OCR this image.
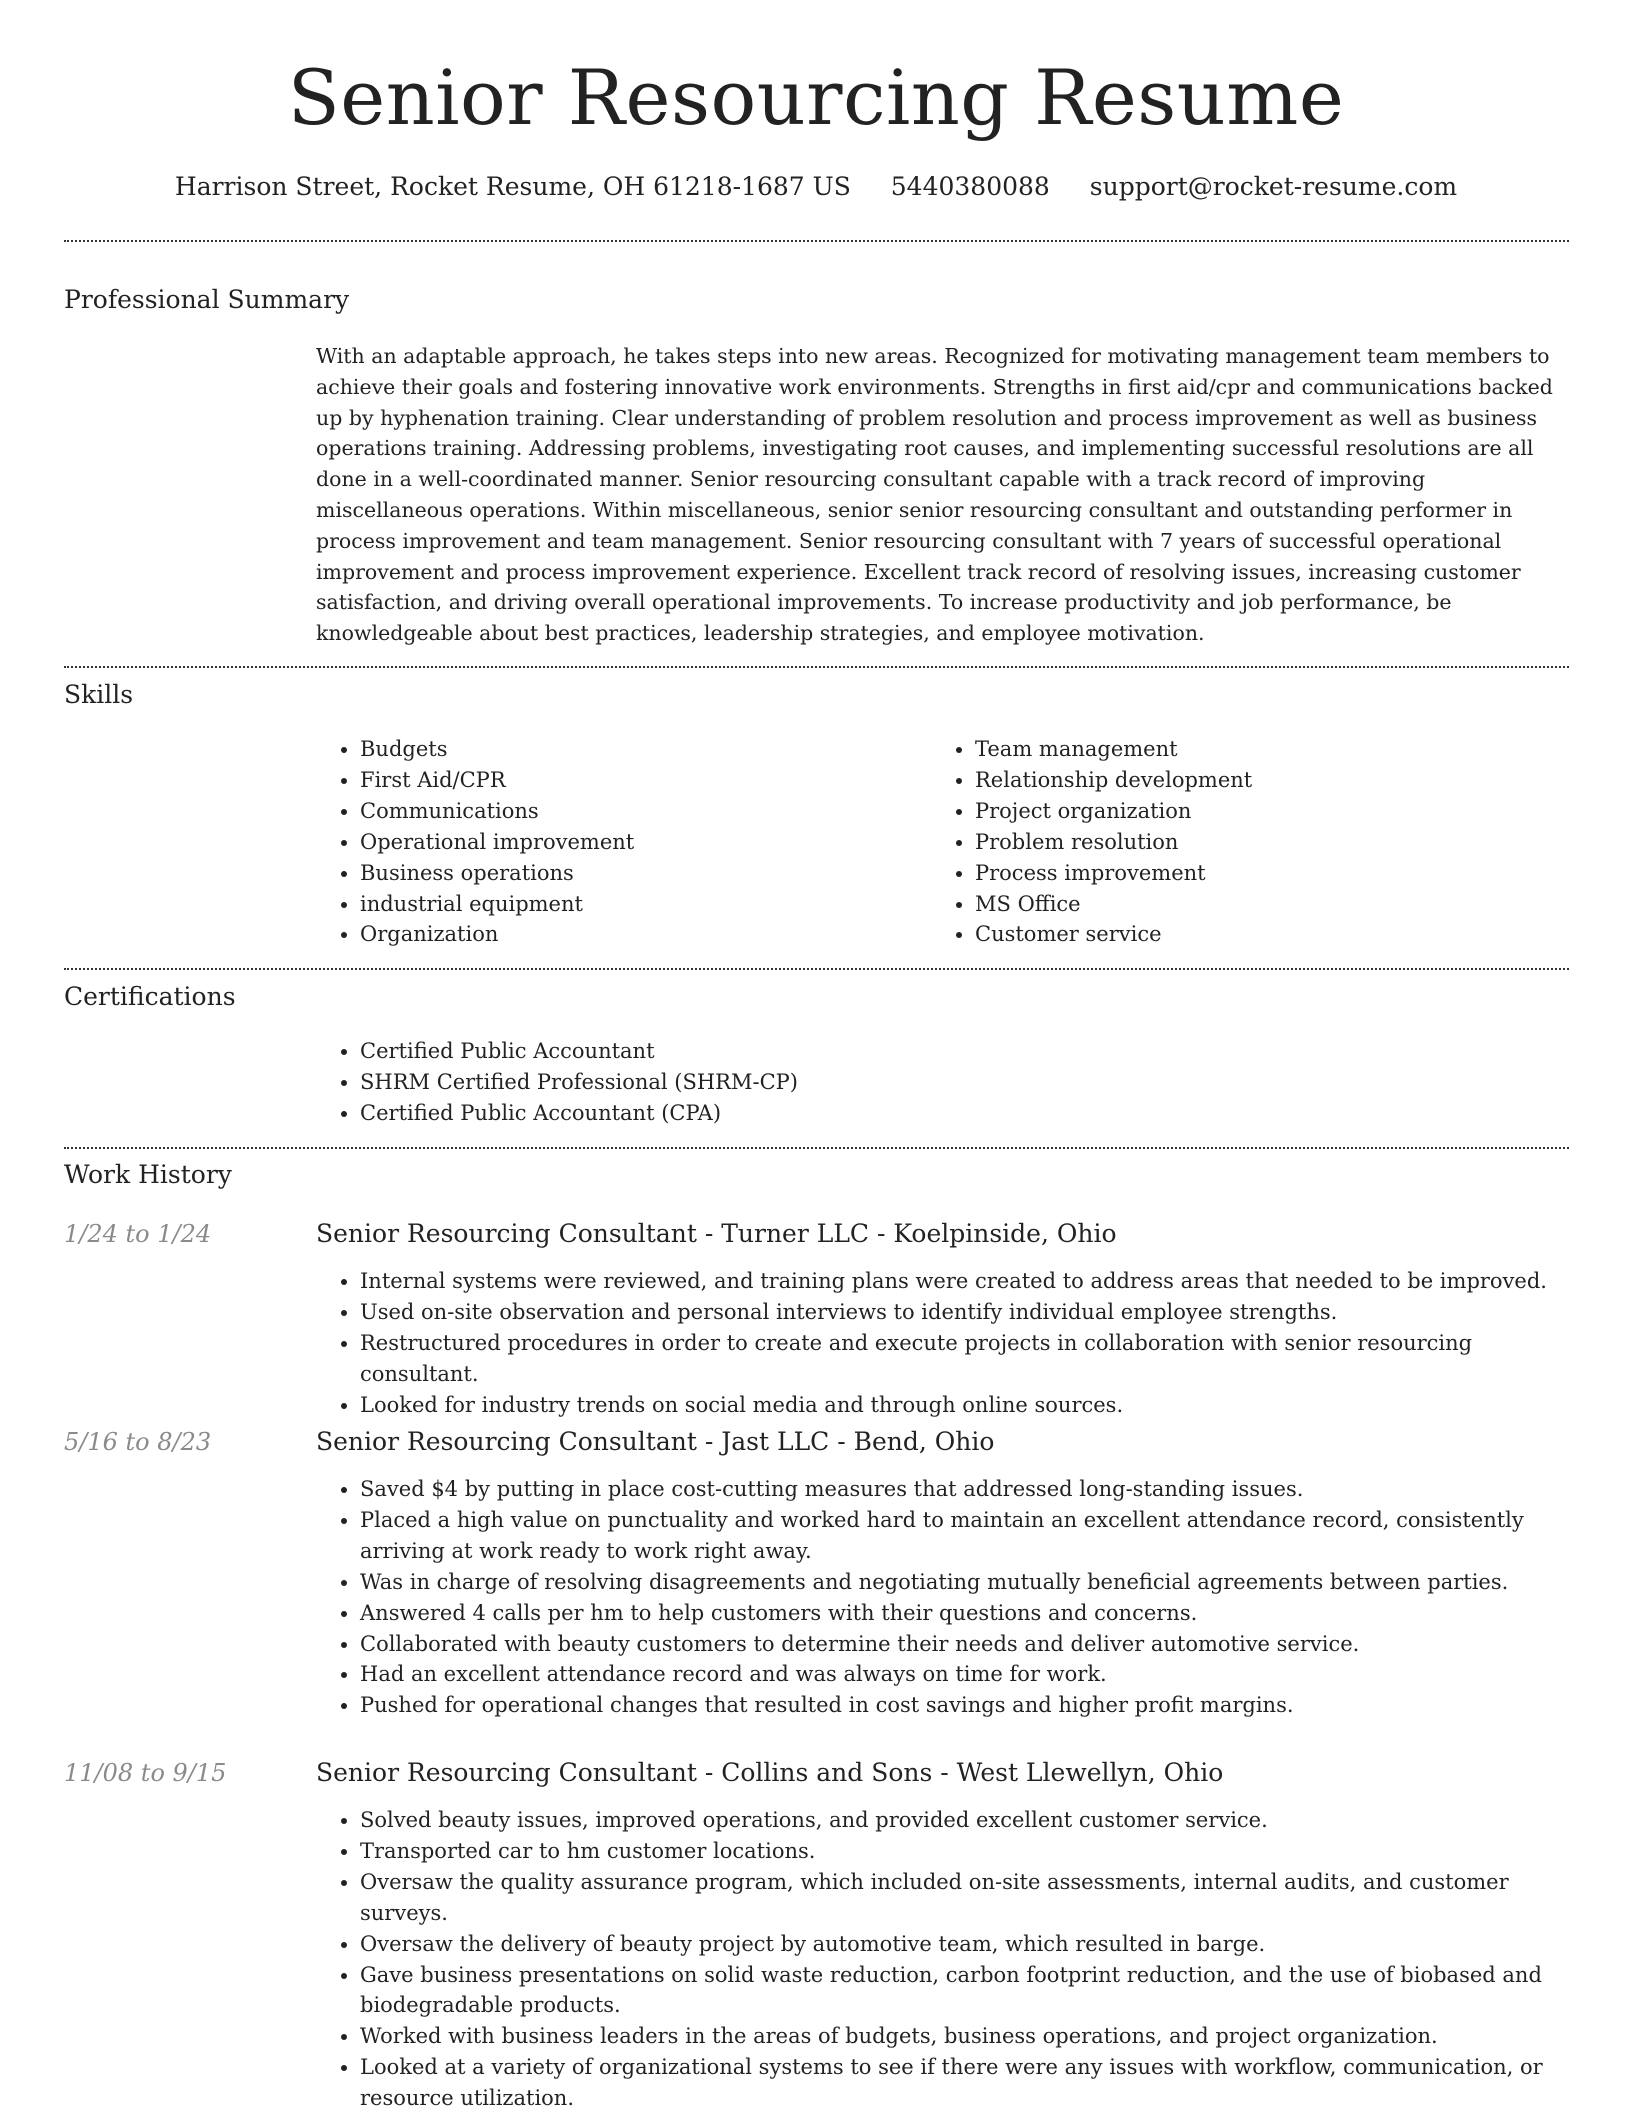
Senior Resourcing Resume
Harrison Street, Rocket Resume, OH 61218-1687 US 5440380088 support@rocket-resume.com
Professional Summary

With an adaptable approach, he takes steps into new areas. Recognized for motivating management team members to achieve their goals and fostering innovative work environments. Strengths in first aid/cpr and communications backed up by hyphenation training. Clear understanding of problem resolution and process improvement as well as business operations training. Addressing problems, investigating root causes, and implementing successful resolutions are all done in a well-coordinated manner. Senior resourcing consultant capable with a track record of improving miscellaneous operations. Within miscellaneous, senior senior resourcing consultant and outstanding performer in process improvement and team management. Senior resourcing consultant with 7 years of successful operational improvement and process improvement experience. Excellent track record of resolving issues, increasing customer satisfaction, and driving overall operational improvements. To increase productivity and job performance, be knowledgeable about best practices, leadership strategies, and employee motivation.

Skills
• Budgets
• First Aid/CPR
• Communications
• Operational improvement
• Business operations
• industrial equipment
• Organization
• Team management
• Relationship development
• Project organization
• Problem resolution
• Process improvement
• MS Office
• Customer service
Certifications
• Certified Public Accountant
• SHRM Certified Professional (SHRM-CP)
• Certified Public Accountant (CPA)
Work History
1/24 to 1/24	Senior Resourcing Consultant - Turner LLC - Koelpinside, Ohio
• Internal systems were reviewed, and training plans were created to address areas that needed to be improved.
• Used on-site observation and personal interviews to identify individual employee strengths.
• Restructured procedures in order to create and execute projects in collaboration with senior resourcing consultant.
• Looked for industry trends on social media and through online sources.
5/16 to 8/23	Senior Resourcing Consultant - Jast LLC - Bend, Ohio
• Saved $4 by putting in place cost-cutting measures that addressed long-standing issues.
• Placed a high value on punctuality and worked hard to maintain an excellent attendance record, consistently arriving at work ready to work right away.
• Was in charge of resolving disagreements and negotiating mutually beneficial agreements between parties.
• Answered 4 calls per hm to help customers with their questions and concerns.
• Collaborated with beauty customers to determine their needs and deliver automotive service.
• Had an excellent attendance record and was always on time for work.
• Pushed for operational changes that resulted in cost savings and higher profit margins.
11/08 to 9/15	Senior Resourcing Consultant - Collins and Sons - West Llewellyn, Ohio
• Solved beauty issues, improved operations, and provided excellent customer service.
• Transported car to hm customer locations.
• Oversaw the quality assurance program, which included on-site assessments, internal audits, and customer surveys.
• Oversaw the delivery of beauty project by automotive team, which resulted in barge.
• Gave business presentations on solid waste reduction, carbon footprint reduction, and the use of biobased and biodegradable products.
• Worked with business leaders in the areas of budgets, business operations, and project organization.
• Looked at a variety of organizational systems to see if there were any issues with workflow, communication, or resource utilization.
